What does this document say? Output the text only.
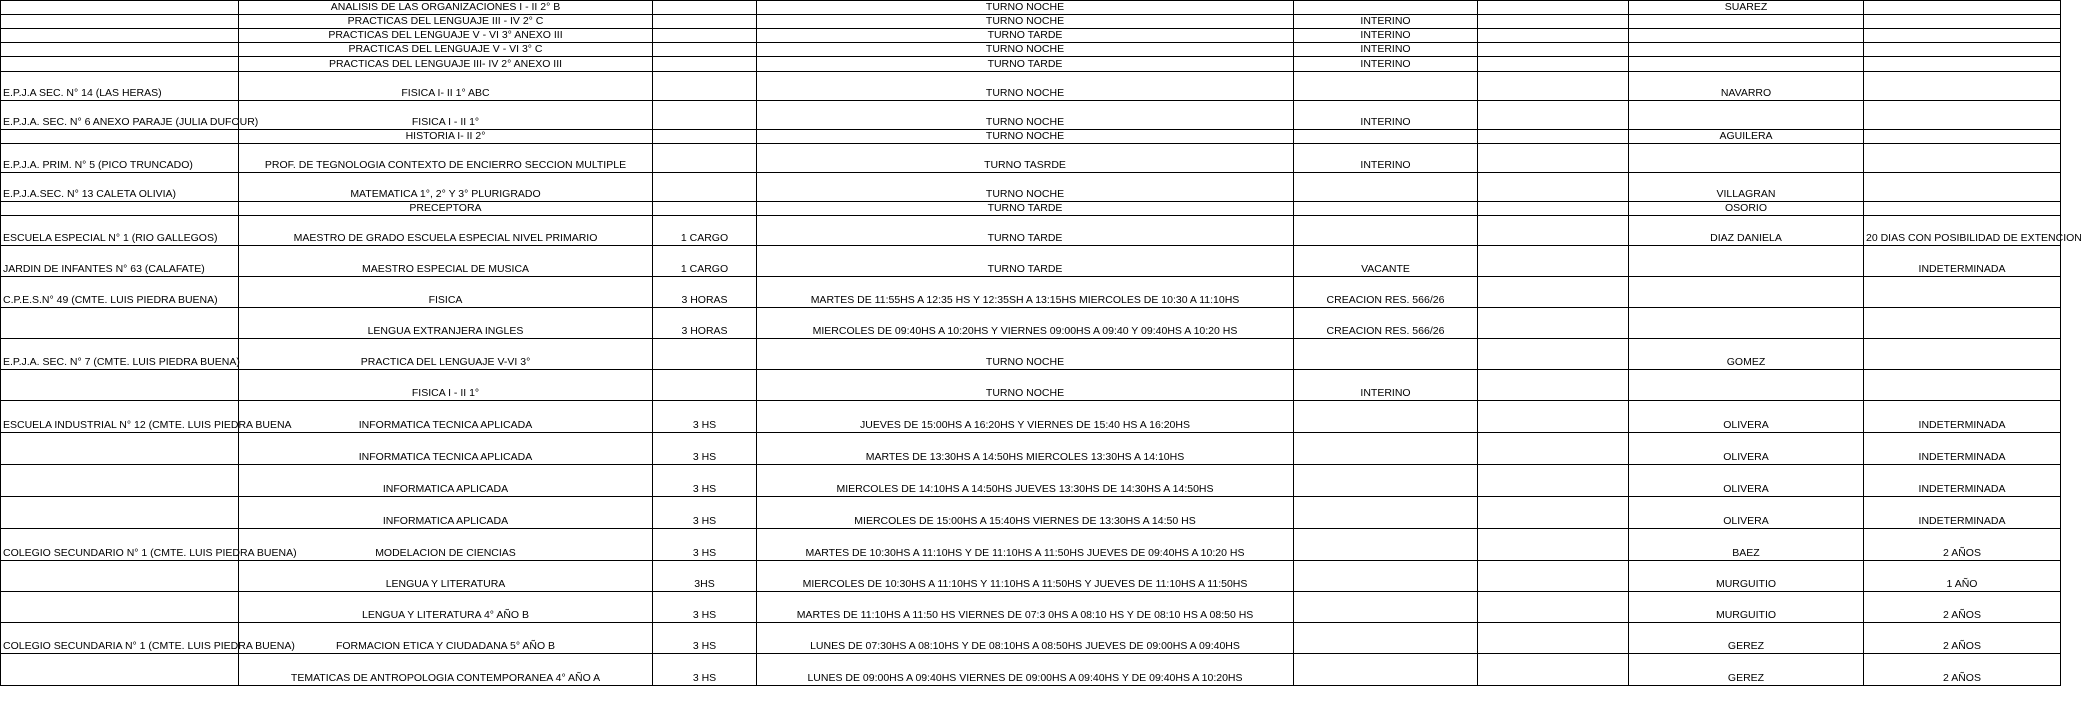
	ANALISIS DE LAS ORGANIZACIONES I - II 2° B		TURNO NOCHE			SUAREZ	
	PRACTICAS DEL LENGUAJE III - IV 2° C		TURNO NOCHE	INTERINO			
	PRACTICAS DEL LENGUAJE V - VI 3° ANEXO III		TURNO TARDE	INTERINO			
	PRACTICAS DEL LENGUAJE V - VI 3° C		TURNO NOCHE	INTERINO			
	PRACTICAS DEL LENGUAJE III- IV 2° ANEXO III		TURNO TARDE	INTERINO			
E.P.J.A SEC. N° 14 (LAS HERAS)	FISICA I- II 1° ABC		TURNO NOCHE			NAVARRO	
E.P.J.A. SEC. N° 6 ANEXO PARAJE (JULIA DUFOUR)	FISICA I - II 1°		TURNO NOCHE	INTERINO			
	HISTORIA I- II 2°		TURNO NOCHE			AGUILERA	
E.P.J.A. PRIM. N° 5 (PICO TRUNCADO)	PROF. DE TEGNOLOGIA CONTEXTO DE ENCIERRO SECCION MULTIPLE		TURNO TASRDE	INTERINO			
E.P.J.A.SEC. N° 13 CALETA OLIVIA)	MATEMATICA 1°, 2° Y 3° PLURIGRADO		TURNO NOCHE			VILLAGRAN	
	PRECEPTORA		TURNO TARDE			OSORIO	
ESCUELA ESPECIAL N° 1 (RIO GALLEGOS)	MAESTRO DE GRADO ESCUELA ESPECIAL NIVEL PRIMARIO	1 CARGO	TURNO TARDE			DIAZ DANIELA	20 DIAS CON POSIBILIDAD DE EXTENCION
JARDIN DE INFANTES N° 63 (CALAFATE)	MAESTRO ESPECIAL DE MUSICA	1 CARGO	TURNO TARDE	VACANTE			INDETERMINADA
C.P.E.S.N° 49 (CMTE. LUIS PIEDRA BUENA)	FISICA	3 HORAS	MARTES DE 11:55HS A 12:35 HS Y 12:35SH A 13:15HS MIERCOLES DE 10:30 A 11:10HS	CREACION RES. 566/26			
	LENGUA EXTRANJERA INGLES	3 HORAS	MIERCOLES DE 09:40HS A 10:20HS Y VIERNES 09:00HS A 09:40 Y 09:40HS A 10:20 HS	CREACION RES. 566/26			
E.P.J.A. SEC. N° 7 (CMTE. LUIS PIEDRA BUENA)	PRACTICA DEL LENGUAJE V-VI 3°		TURNO NOCHE			GOMEZ	
	FISICA I - II 1°		TURNO NOCHE	INTERINO			
ESCUELA INDUSTRIAL N° 12 (CMTE. LUIS PIEDRA BUENA	INFORMATICA TECNICA APLICADA	3 HS	JUEVES DE 15:00HS A 16:20HS Y VIERNES DE 15:40 HS A 16:20HS			OLIVERA	INDETERMINADA
	INFORMATICA TECNICA APLICADA	3 HS	MARTES DE 13:30HS A 14:50HS MIERCOLES 13:30HS A 14:10HS			OLIVERA	INDETERMINADA
	INFORMATICA APLICADA	3 HS	MIERCOLES DE 14:10HS A 14:50HS JUEVES 13:30HS DE 14:30HS A 14:50HS			OLIVERA	INDETERMINADA
	INFORMATICA APLICADA	3 HS	MIERCOLES DE 15:00HS A 15:40HS VIERNES DE 13:30HS A 14:50 HS			OLIVERA	INDETERMINADA
COLEGIO SECUNDARIO N° 1 (CMTE. LUIS PIEDRA BUENA)	MODELACION DE CIENCIAS	3 HS	MARTES DE 10:30HS A 11:10HS Y DE 11:10HS A 11:50HS JUEVES DE 09:40HS A 10:20 HS			BAEZ	2 AÑOS
	LENGUA Y LITERATURA	3HS	MIERCOLES DE 10:30HS A 11:10HS Y 11:10HS A 11:50HS Y JUEVES DE 11:10HS A 11:50HS			MURGUITIO	1 AÑO
	LENGUA Y LITERATURA 4° AÑO B	3 HS	MARTES DE 11:10HS A 11:50 HS VIERNES DE 07:3 0HS A 08:10 HS Y DE 08:10 HS A 08:50 HS			MURGUITIO	2 AÑOS
COLEGIO SECUNDARIA N° 1 (CMTE. LUIS PIEDRA BUENA)	FORMACION ETICA Y CIUDADANA 5° AÑO B	3 HS	LUNES DE 07:30HS A 08:10HS Y DE 08:10HS A 08:50HS JUEVES DE 09:00HS A 09:40HS			GEREZ	2 AÑOS
	TEMATICAS DE ANTROPOLOGIA CONTEMPORANEA 4° AÑO A	3 HS	LUNES DE 09:00HS A 09:40HS VIERNES DE 09:00HS A 09:40HS Y DE 09:40HS A 10:20HS			GEREZ	2 AÑOS
